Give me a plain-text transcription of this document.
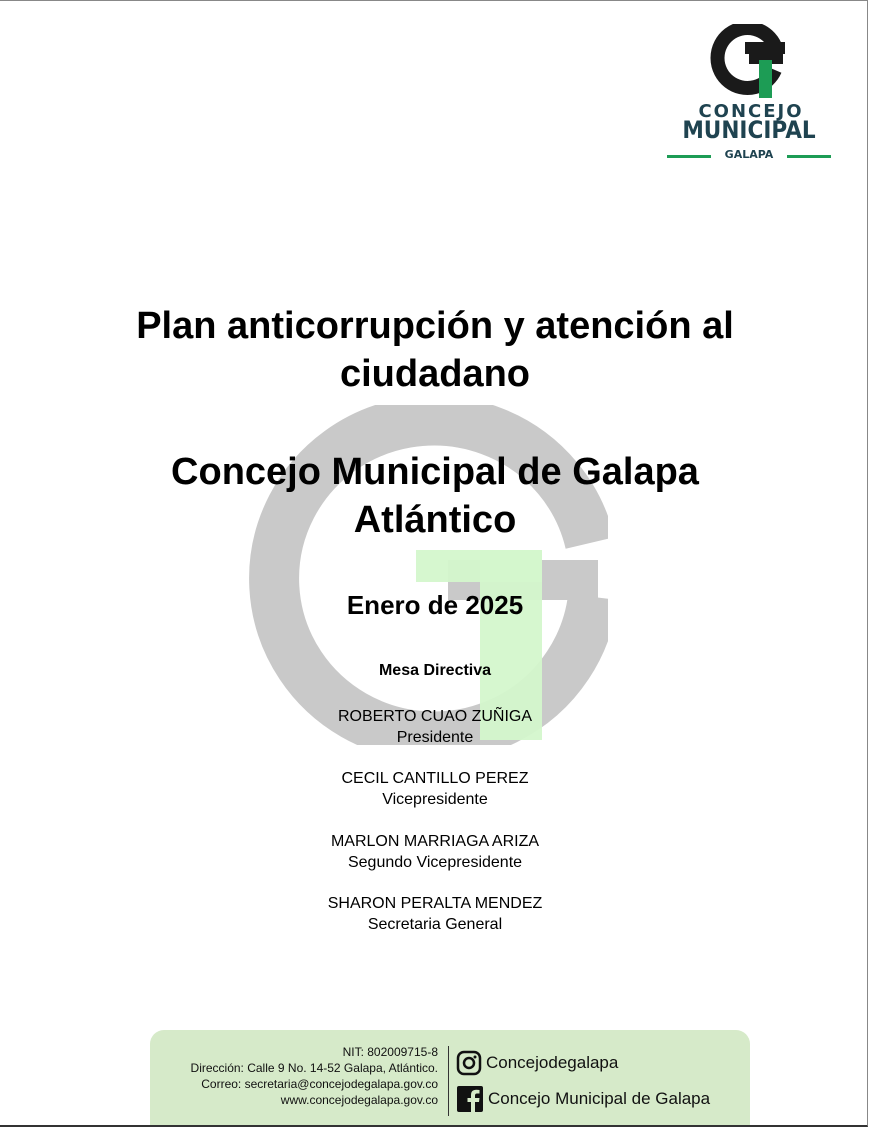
CONCEJO
MUNICIPAL
GALAPA
Plan anticorrupción y atención al
ciudadano
Concejo Municipal de Galapa
Atlántico
Enero de 2025
Mesa Directiva
ROBERTO CUAO ZUÑIGA
Presidente
CECIL CANTILLO PEREZ
Vicepresidente
MARLON MARRIAGA ARIZA
Segundo Vicepresidente
SHARON PERALTA MENDEZ
Secretaria General
NIT: 802009715-8
Dirección: Calle 9 No. 14-52 Galapa, Atlántico.
Correo: secretaria@concejodegalapa.gov.co
www.concejodegalapa.gov.co
Concejodegalapa
Concejo Municipal de Galapa
